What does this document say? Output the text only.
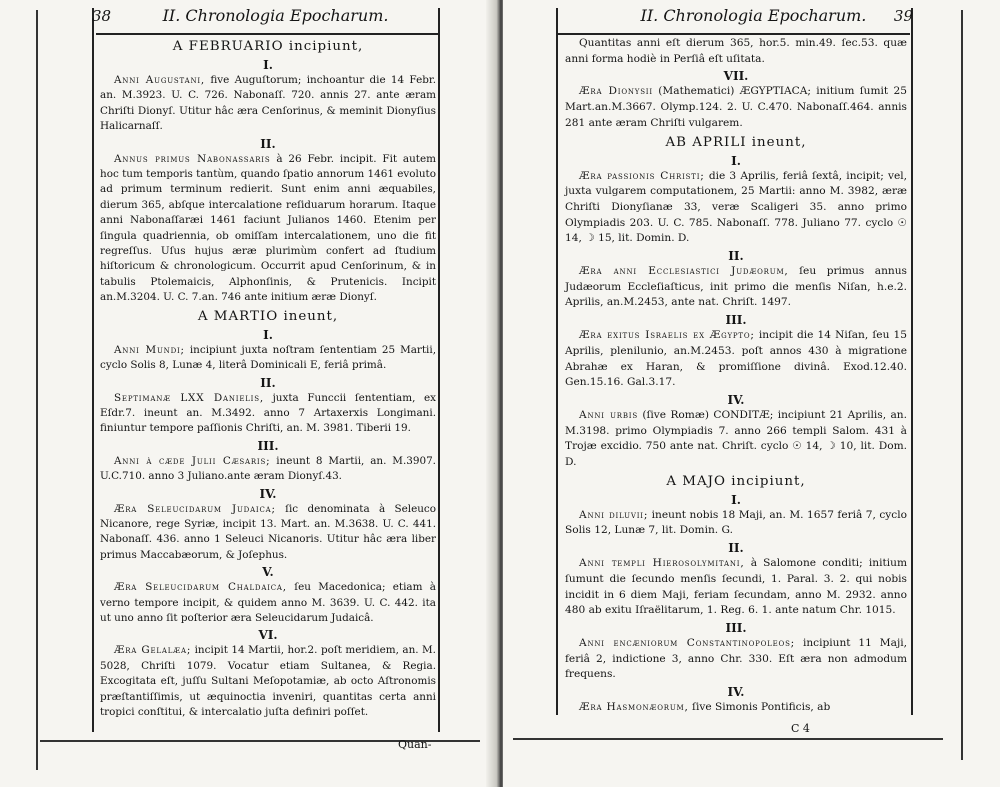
38	II. Chronologia Epocharum.
A FEBRUARIO incipiunt,
I.

Anni Augustani, five Auguſtorum; inchoantur die 14 Febr. an. M.3923. U. C. 726. Nabonaſſ. 720. annis 27. ante æram Chriſti Dionyſ. Utitur hâc æra Cenſorinus, & meminit Dionyſius Halicarnaſſ.

II.

Annus primus Nabonassaris à 26 Febr. incipit. Fit autem hoc tum temporis tantùm, quando ſpatio annorum 1461 evoluto ad primum terminum redierit. Sunt enim anni æquabiles, dierum 365, abſque intercalatione reſiduarum horarum. Itaque anni Nabonaſſaræi 1461 faciunt Julianos 1460. Etenim per ſingula quadriennia, ob omiſſam intercalationem, uno die fit regreſſus. Uſus hujus æræ plurimùm confert ad ſtudium hiſtoricum & chronologicum. Occurrit apud Cenſorinum, & in tabulis Ptolemaicis, Alphonſinis, & Prutenicis. Incipit an.M.3204. U. C. 7.an. 746 ante initium æræ Dionyſ.

A MARTIO ineunt,
I.

Anni Mundi; incipiunt juxta noſtram ſententiam 25 Martii, cyclo Solis 8, Lunæ 4, literâ Dominicali E, feriâ primâ.

II.

Septimanæ LXX Danielis, juxta Funccii ſententiam, ex Eſdr.7. ineunt an. M.3492. anno 7 Artaxerxis Longimani. finiuntur tempore paſſionis Chriſti, an. M. 3981. Tiberii 19.

III.

Anni à cæde Julii Cæsaris; ineunt 8 Martii, an. M.3907. U.C.710. anno 3 Juliano.ante æram Dionyſ.43.

IV.

Æra Seleucidarum Judaica; ſic denominata à Seleuco Nicanore, rege Syriæ, incipit 13. Mart. an. M.3638. U. C. 441. Nabonaſſ. 436. anno 1 Seleuci Nicanoris. Utitur hâc æra liber primus Maccabæorum, & Joſephus.

V.

Æra Seleucidarum Chaldaica, ſeu Macedonica; etiam à verno tempore incipit, & quidem anno M. 3639. U. C. 442. ita ut uno anno ſit poſterior æra Seleucidarum Judaicâ.

VI.

Æra Gelalæa; incipit 14 Martii, hor.2. poſt meridiem, an. M. 5028, Chriſti 1079. Vocatur etiam Sultanea, & Regia. Excogitata eſt, juſſu Sultani Meſopotamiæ, ab octo Aſtronomis præſtantiſſimis, ut æquinoctia inveniri, quantitas certa anni tropici conſtitui, & intercalatio juſta definiri poſſet.

Quan-
II. Chronologia Epocharum.	39

Quantitas anni eſt dierum 365, hor.5. min.49. ſec.53. quæ anni forma hodiè in Perſiâ eſt uſitata.

VII.

Æra Dionysii (Mathematici) ÆGYPTIACA; initium ſumit 25 Mart.an.M.3667. Olymp.124. 2. U. C.470. Nabonaſſ.464. annis 281 ante æram Chriſti vulgarem.

AB APRILI ineunt,
I.

Æra passionis Christi; die 3 Aprilis, feriâ ſextâ, incipit; vel, juxta vulgarem computationem, 25 Martii: anno M. 3982, æræ Chriſti Dionyſianæ 33, veræ Scaligeri 35. anno primo Olympiadis 203. U. C. 785. Nabonaſſ. 778. Juliano 77. cyclo ☉ 14, ☽ 15, lit. Domin. D.

II.

Æra anni Ecclesiastici Judæorum, ſeu primus annus Judæorum Eccleſiaſticus, init primo die menſis Niſan, h.e.2. Aprilis, an.M.2453, ante nat. Chriſt. 1497.

III.

Æra exitus Israelis ex Ægypto; incipit die 14 Niſan, ſeu 15 Aprilis, plenilunio, an.M.2453. poſt annos 430 à migratione Abrahæ ex Haran, & promiſſione divinâ. Exod.12.40. Gen.15.16. Gal.3.17.

IV.

Anni urbis (ſive Romæ) CONDITÆ; incipiunt 21 Aprilis, an. M.3198. primo Olympiadis 7. anno 266 templi Salom. 431 à Trojæ excidio. 750 ante nat. Chriſt. cyclo ☉ 14, ☽ 10, lit. Dom. D.

A MAJO incipiunt,
I.

Anni diluvii; ineunt nobis 18 Maji, an. M. 1657 feriâ 7, cyclo Solis 12, Lunæ 7, lit. Domin. G.

II.

Anni templi Hierosolymitani, à Salomone conditi; initium ſumunt die ſecundo menſis ſecundi, 1. Paral. 3. 2. qui nobis incidit in 6 diem Maji, feriam ſecundam, anno M. 2932. anno 480 ab exitu Iſraëlitarum, 1. Reg. 6. 1. ante natum Chr. 1015.

III.

Anni encæniorum Constantinopoleos; incipiunt 11 Maji, feriâ 2, indictione 3, anno Chr. 330. Eſt æra non admodum frequens.

IV.

Æra Hasmonæorum, ſive Simonis Pontificis, ab

C 4
